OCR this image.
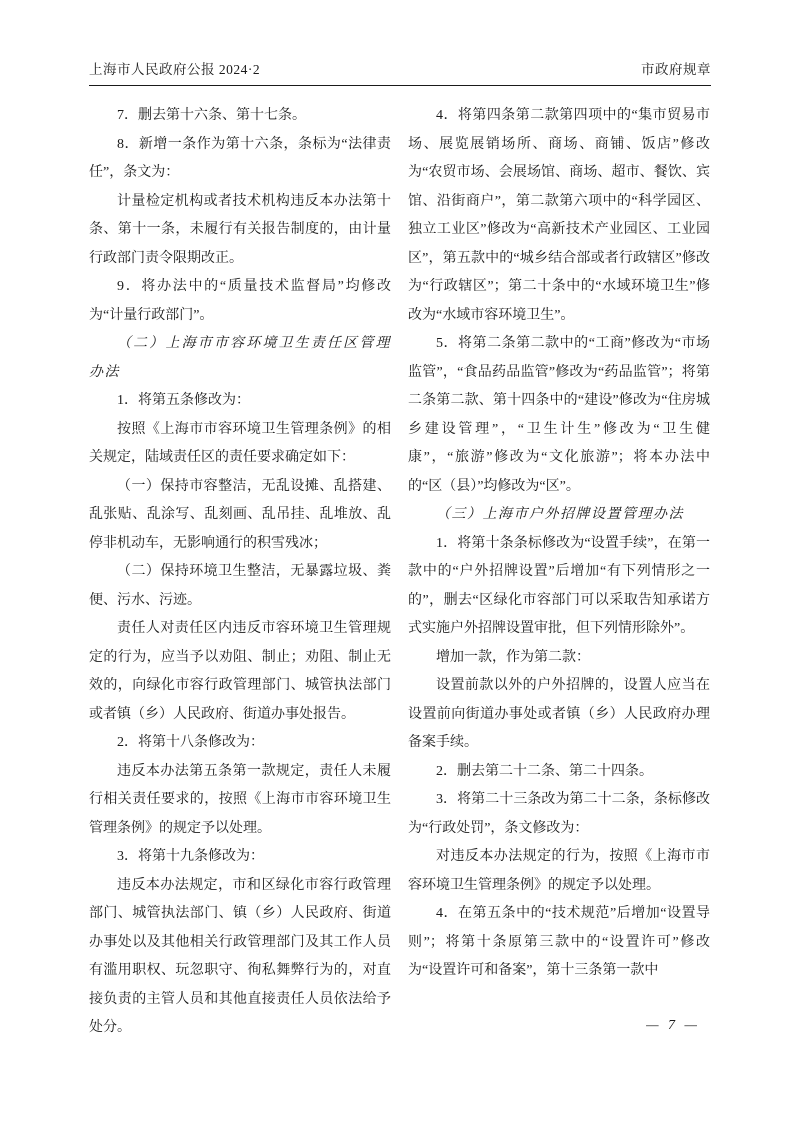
上海市人民政府公报 2024·2	市政府规章

7．删去第十六条、第十七条。

8．新增一条作为第十六条，条标为“法律责任”，条文为：

计量检定机构或者技术机构违反本办法第十条、第十一条，未履行有关报告制度的，由计量行政部门责令限期改正。

9．将办法中的“质量技术监督局”均修改为“计量行政部门”。

（二）上海市市容环境卫生责任区管理办法

1．将第五条修改为：

按照《上海市市容环境卫生管理条例》的相关规定，陆域责任区的责任要求确定如下：

（一）保持市容整洁，无乱设摊、乱搭建、乱张贴、乱涂写、乱刻画、乱吊挂、乱堆放、乱停非机动车，无影响通行的积雪残冰；

（二）保持环境卫生整洁，无暴露垃圾、粪便、污水、污迹。

责任人对责任区内违反市容环境卫生管理规定的行为，应当予以劝阻、制止；劝阻、制止无效的，向绿化市容行政管理部门、城管执法部门或者镇（乡）人民政府、街道办事处报告。

2．将第十八条修改为：

违反本办法第五条第一款规定，责任人未履行相关责任要求的，按照《上海市市容环境卫生管理条例》的规定予以处理。

3．将第十九条修改为：

违反本办法规定，市和区绿化市容行政管理部门、城管执法部门、镇（乡）人民政府、街道办事处以及其他相关行政管理部门及其工作人员有滥用职权、玩忽职守、徇私舞弊行为的，对直接负责的主管人员和其他直接责任人员依法给予处分。

4．将第四条第二款第四项中的“集市贸易市场、展览展销场所、商场、商铺、饭店”修改为“农贸市场、会展场馆、商场、超市、餐饮、宾馆、沿街商户”，第二款第六项中的“科学园区、独立工业区”修改为“高新技术产业园区、工业园区”，第五款中的“城乡结合部或者行政辖区”修改为“行政辖区”；第二十条中的“水域环境卫生”修改为“水域市容环境卫生”。

5．将第二条第二款中的“工商”修改为“市场监管”，“食品药品监管”修改为“药品监管”；将第二条第二款、第十四条中的“建设”修改为“住房城乡建设管理”，“卫生计生”修改为“卫生健康”，“旅游”修改为“文化旅游”；将本办法中的“区（县）”均修改为“区”。

（三）上海市户外招牌设置管理办法

1．将第十条条标修改为“设置手续”，在第一款中的“户外招牌设置”后增加“有下列情形之一的”，删去“区绿化市容部门可以采取告知承诺方式实施户外招牌设置审批，但下列情形除外”。

增加一款，作为第二款：

设置前款以外的户外招牌的，设置人应当在设置前向街道办事处或者镇（乡）人民政府办理备案手续。

2．删去第二十二条、第二十四条。

3．将第二十三条改为第二十二条，条标修改为“行政处罚”，条文修改为：

对违反本办法规定的行为，按照《上海市市容环境卫生管理条例》的规定予以处理。

4．在第五条中的“技术规范”后增加“设置导则”；将第十条原第三款中的“设置许可”修改为“设置许可和备案”，第十三条第一款中

— 7 —
